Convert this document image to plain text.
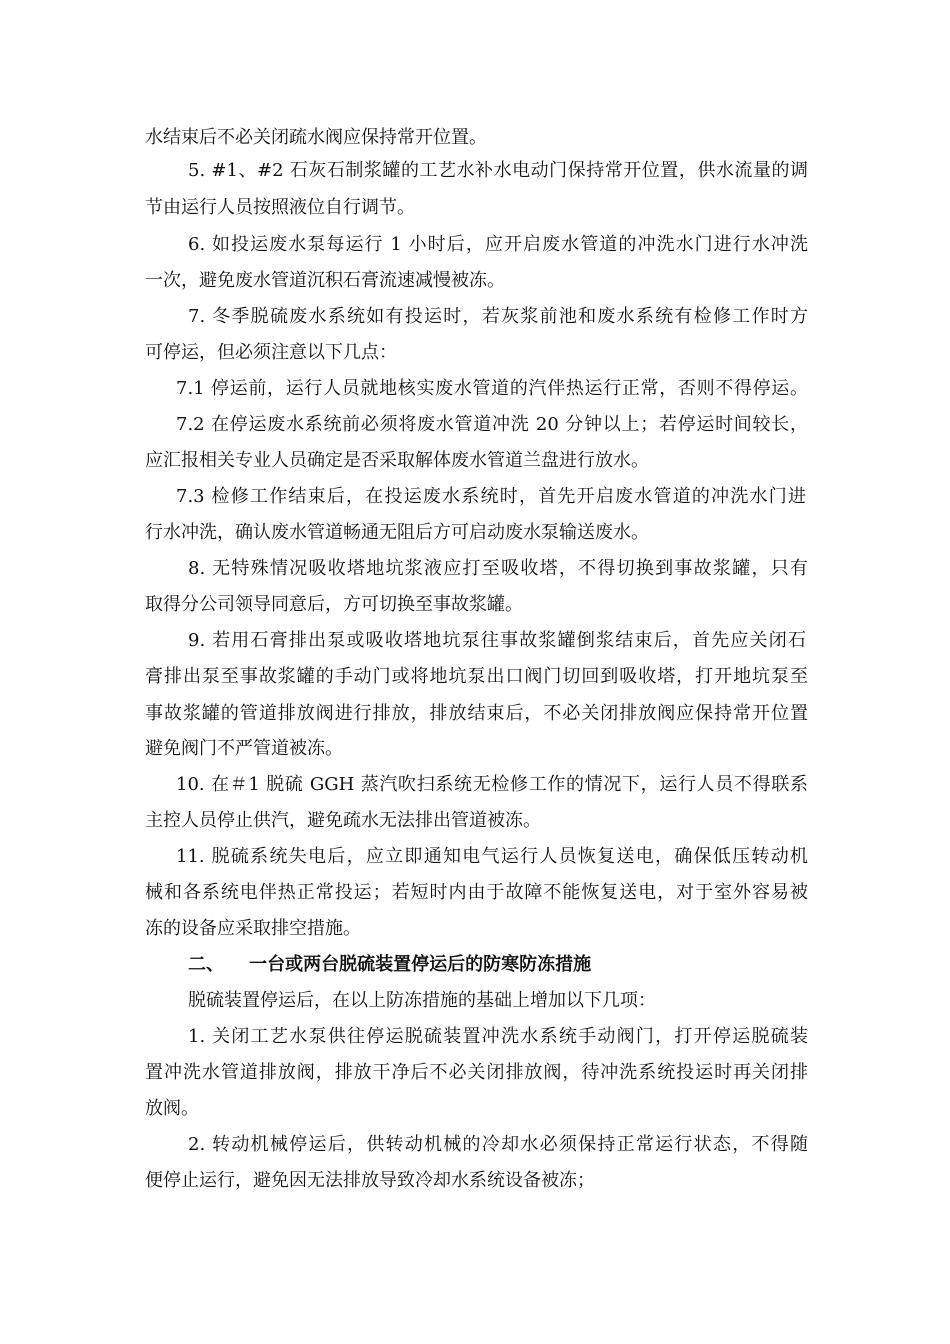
水结束后不必关闭疏水阀应保持常开位置。
5. #1、#2 石灰石制浆罐的工艺水补水电动门保持常开位置，供水流量的调
节由运行人员按照液位自行调节。
6. 如投运废水泵每运行 1 小时后，应开启废水管道的冲洗水门进行水冲洗
一次，避免废水管道沉积石膏流速减慢被冻。
7. 冬季脱硫废水系统如有投运时，若灰浆前池和废水系统有检修工作时方
可停运，但必须注意以下几点：
7.1 停运前，运行人员就地核实废水管道的汽伴热运行正常，否则不得停运。
7.2 在停运废水系统前必须将废水管道冲洗 20 分钟以上；若停运时间较长，
应汇报相关专业人员确定是否采取解体废水管道兰盘进行放水。
7.3 检修工作结束后，在投运废水系统时，首先开启废水管道的冲洗水门进
行水冲洗，确认废水管道畅通无阻后方可启动废水泵输送废水。
8. 无特殊情况吸收塔地坑浆液应打至吸收塔，不得切换到事故浆罐，只有
取得分公司领导同意后，方可切换至事故浆罐。
9. 若用石膏排出泵或吸收塔地坑泵往事故浆罐倒浆结束后，首先应关闭石
膏排出泵至事故浆罐的手动门或将地坑泵出口阀门切回到吸收塔，打开地坑泵至
事故浆罐的管道排放阀进行排放，排放结束后，不必关闭排放阀应保持常开位置
避免阀门不严管道被冻。
10. 在＃1 脱硫 GGH 蒸汽吹扫系统无检修工作的情况下，运行人员不得联系
主控人员停止供汽，避免疏水无法排出管道被冻。
11. 脱硫系统失电后，应立即通知电气运行人员恢复送电，确保低压转动机
械和各系统电伴热正常投运；若短时内由于故障不能恢复送电，对于室外容易被
冻的设备应采取排空措施。
二、    一台或两台脱硫装置停运后的防寒防冻措施
脱硫装置停运后，在以上防冻措施的基础上增加以下几项：
1. 关闭工艺水泵供往停运脱硫装置冲洗水系统手动阀门，打开停运脱硫装
置冲洗水管道排放阀，排放干净后不必关闭排放阀，待冲洗系统投运时再关闭排
放阀。
2. 转动机械停运后，供转动机械的冷却水必须保持正常运行状态，不得随
便停止运行，避免因无法排放导致冷却水系统设备被冻；
